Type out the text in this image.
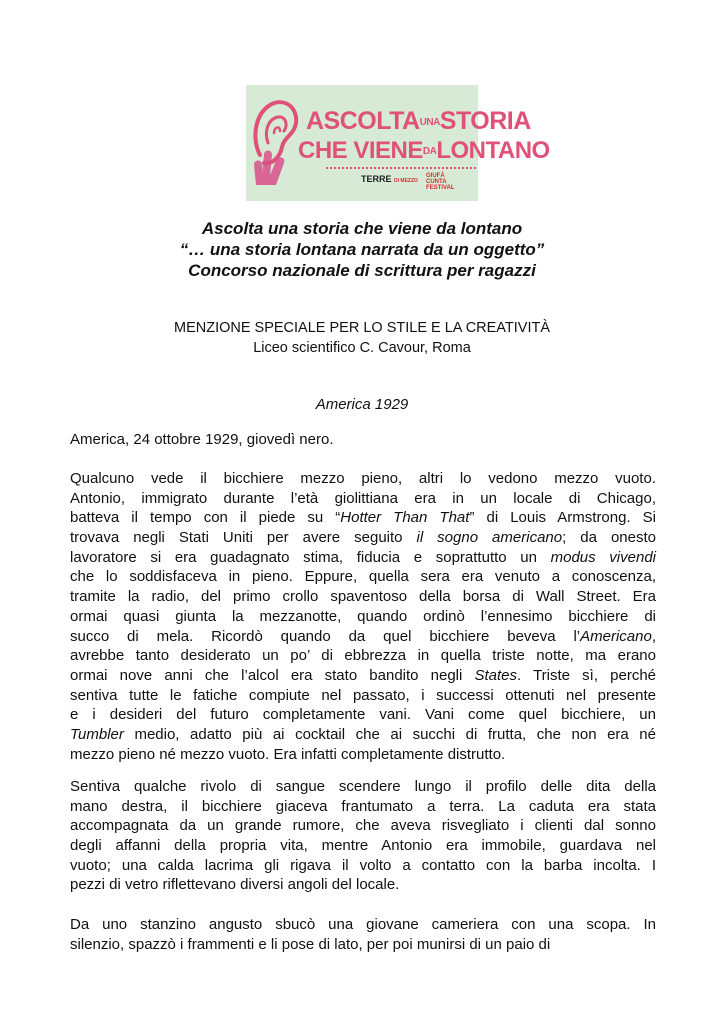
ASCOLTAUNASTORIA
CHE VIENEDALONTANO
TERRE DI MEZZO
GIUFÀ CUNTA FESTIVAL
Ascolta una storia che viene da lontano
“… una storia lontana narrata da un oggetto”
Concorso nazionale di scrittura per ragazzi
MENZIONE SPECIALE PER LO STILE E LA CREATIVITÀ
Liceo scientifico C. Cavour, Roma
America 1929
America, 24 ottobre 1929, giovedì nero.
Qualcuno vede il bicchiere mezzo pieno, altri lo vedono mezzo vuoto.
Antonio, immigrato durante l’età giolittiana era in un locale di Chicago,
batteva il tempo con il piede su “Hotter Than That” di Louis Armstrong. Si
trovava negli Stati Uniti per avere seguito il sogno americano; da onesto
lavoratore si era guadagnato stima, fiducia e soprattutto un modus vivendi
che lo soddisfaceva in pieno. Eppure, quella sera era venuto a conoscenza,
tramite la radio, del primo crollo spaventoso della borsa di Wall Street. Era
ormai quasi giunta la mezzanotte, quando ordinò l’ennesimo bicchiere di
succo di mela. Ricordò quando da quel bicchiere beveva l’Americano,
avrebbe tanto desiderato un po’ di ebbrezza in quella triste notte, ma erano
ormai nove anni che l’alcol era stato bandito negli States. Triste sì, perché
sentiva tutte le fatiche compiute nel passato, i successi ottenuti nel presente
e i desideri del futuro completamente vani. Vani come quel bicchiere, un
Tumbler medio, adatto più ai cocktail che ai succhi di frutta, che non era né
mezzo pieno né mezzo vuoto. Era infatti completamente distrutto.
Sentiva qualche rivolo di sangue scendere lungo il profilo delle dita della
mano destra, il bicchiere giaceva frantumato a terra. La caduta era stata
accompagnata da un grande rumore, che aveva risvegliato i clienti dal sonno
degli affanni della propria vita, mentre Antonio era immobile, guardava nel
vuoto; una calda lacrima gli rigava il volto a contatto con la barba incolta. I
pezzi di vetro riflettevano diversi angoli del locale.
Da uno stanzino angusto sbucò una giovane cameriera con una scopa. In
silenzio, spazzò i frammenti e li pose di lato, per poi munirsi di un paio di
